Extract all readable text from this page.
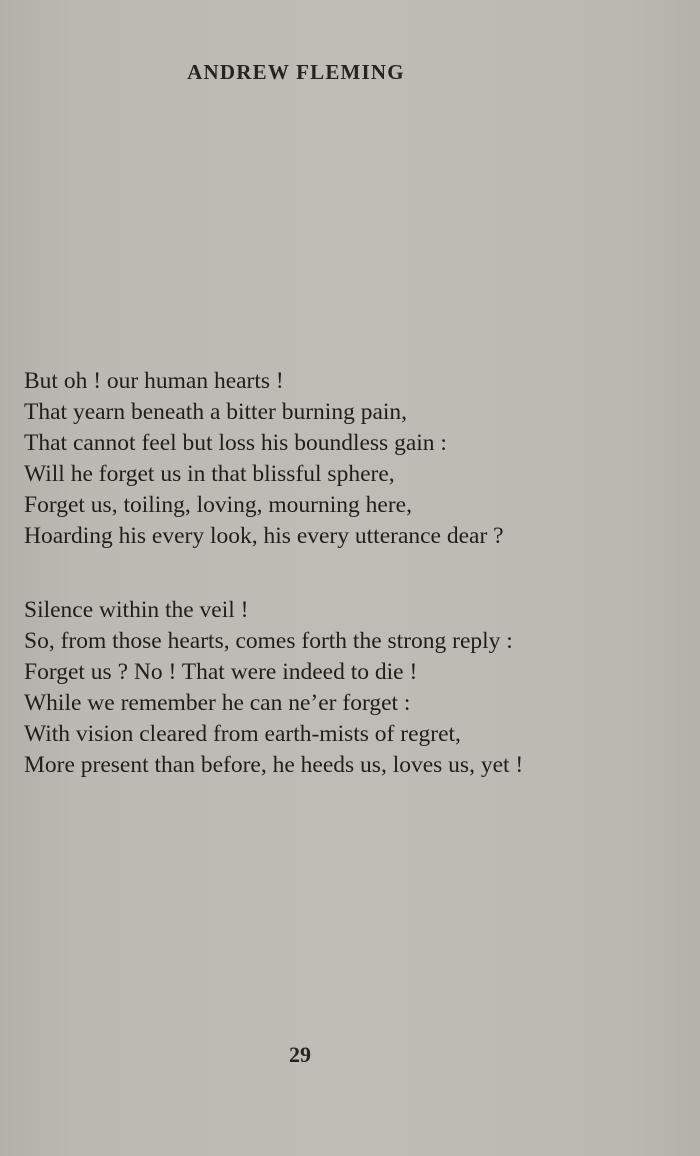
ANDREW FLEMING
But oh ! our human hearts !
That yearn beneath a bitter burning pain,
That cannot feel but loss his boundless gain :
Will he forget us in that blissful sphere,
Forget us, toiling, loving, mourning here,
Hoarding his every look, his every utterance dear ?
Silence within the veil !
So, from those hearts, comes forth the strong reply :
Forget us ? No ! That were indeed to die !
While we remember he can ne’er forget :
With vision cleared from earth-mists of regret,
More present than before, he heeds us, loves us, yet !
29
